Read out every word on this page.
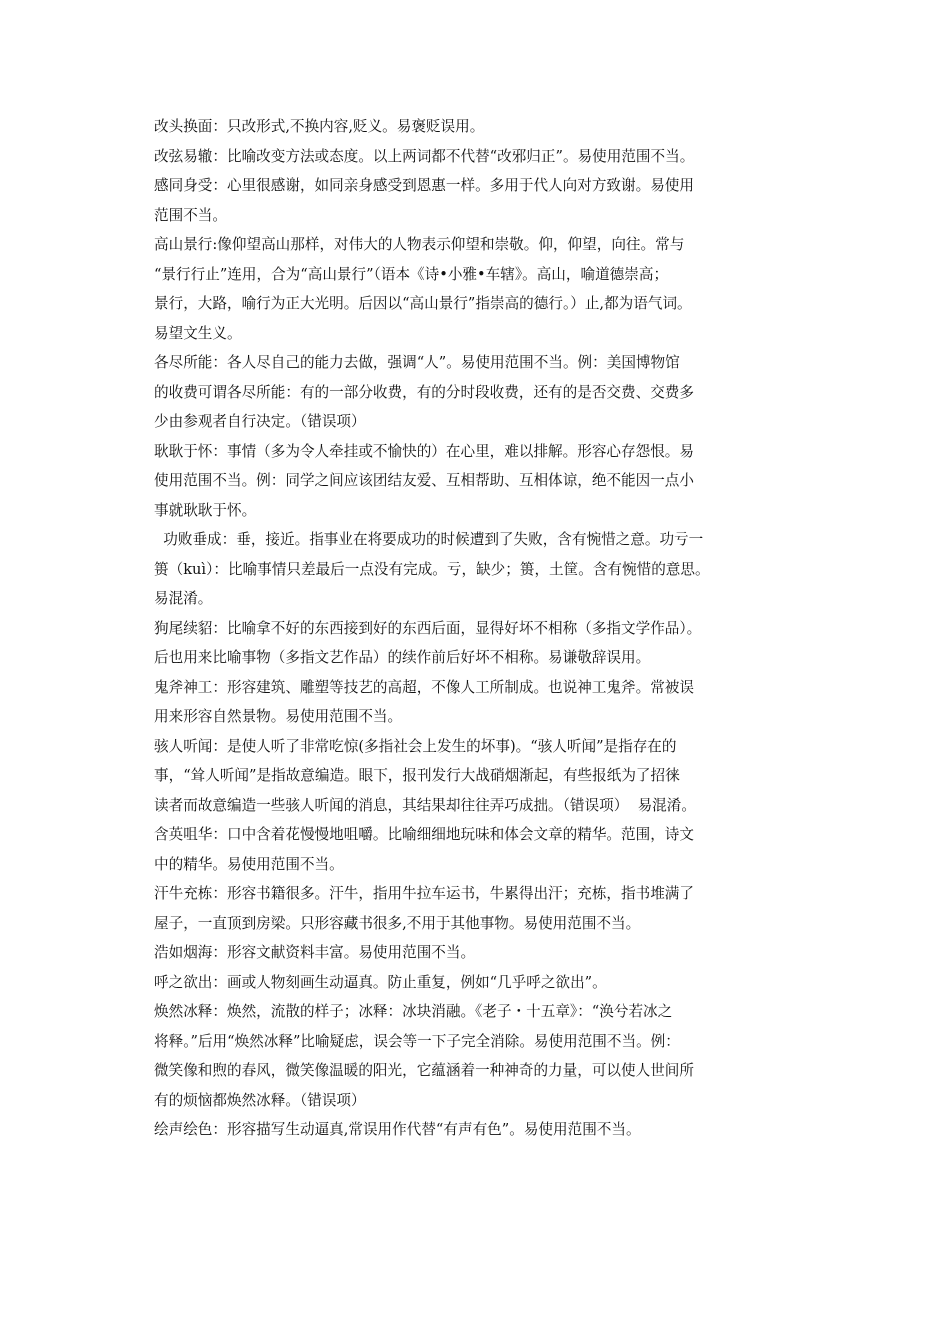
改头换面：只改形式,不换内容,贬义。易褒贬误用。
改弦易辙：比喻改变方法或态度。以上两词都不代替“改邪归正”。易使用范围不当。
感同身受：心里很感谢，如同亲身感受到恩惠一样。多用于代人向对方致谢。易使用
范围不当。
高山景行:像仰望高山那样，对伟大的人物表示仰望和崇敬。仰，仰望，向往。常与
“景行行止”连用，合为“高山景行”（语本《诗•小雅•车辖》。高山，喻道德崇高；
景行，大路，喻行为正大光明。后因以“高山景行”指崇高的德行。）止,都为语气词。
易望文生义。
各尽所能：各人尽自己的能力去做，强调“人”。易使用范围不当。例：美国博物馆
的收费可谓各尽所能：有的一部分收费，有的分时段收费，还有的是否交费、交费多
少由参观者自行决定。（错误项）
耿耿于怀：事情（多为令人牵挂或不愉快的）在心里，难以排解。形容心存怨恨。易
使用范围不当。例：同学之间应该团结友爱、互相帮助、互相体谅，绝不能因一点小
事就耿耿于怀。
功败垂成：垂，接近。指事业在将要成功的时候遭到了失败，含有惋惜之意。功亏一
篑（kuì）：比喻事情只差最后一点没有完成。亏，缺少；篑，土筐。含有惋惜的意思。
易混淆。
狗尾续貂：比喻拿不好的东西接到好的东西后面，显得好坏不相称（多指文学作品）。
后也用来比喻事物（多指文艺作品）的续作前后好坏不相称。易谦敬辞误用。
鬼斧神工：形容建筑、雕塑等技艺的高超，不像人工所制成。也说神工鬼斧。常被误
用来形容自然景物。易使用范围不当。
骇人听闻：是使人听了非常吃惊(多指社会上发生的坏事)。“骇人听闻”是指存在的
事，“耸人听闻”是指故意编造。眼下，报刊发行大战硝烟渐起，有些报纸为了招徕
读者而故意编造一些骇人听闻的消息，其结果却往往弄巧成拙。（错误项）  易混淆。
含英咀华：口中含着花慢慢地咀嚼。比喻细细地玩味和体会文章的精华。范围，诗文
中的精华。易使用范围不当。
汗牛充栋：形容书籍很多。汗牛，指用牛拉车运书，牛累得出汗；充栋，指书堆满了
屋子，一直顶到房梁。只形容藏书很多,不用于其他事物。易使用范围不当。
浩如烟海：形容文献资料丰富。易使用范围不当。
呼之欲出：画或人物刻画生动逼真。防止重复，例如“几乎呼之欲出”。
焕然冰释：焕然，流散的样子；冰释：冰块消融。《老子・十五章》：“涣兮若冰之
将释。”后用“焕然冰释”比喻疑虑，误会等一下子完全消除。易使用范围不当。例：
微笑像和煦的春风，微笑像温暖的阳光，它蕴涵着一种神奇的力量，可以使人世间所
有的烦恼都焕然冰释。（错误项）
绘声绘色：形容描写生动逼真,常误用作代替“有声有色”。易使用范围不当。
